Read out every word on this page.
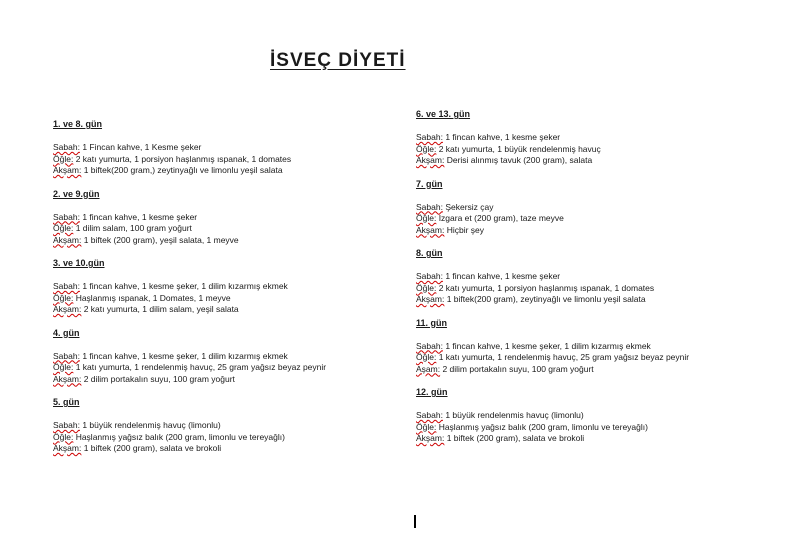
İSVEÇ DİYETİ
1. ve 8. gün
Sabah: 1 Fincan kahve, 1 Kesme şeker
Öğle: 2 katı yumurta, 1 porsiyon haşlanmış ıspanak, 1 domates
Akşam: 1 biftek(200 gram,) zeytinyağlı ve limonlu yeşil salata
2. ve 9.gün
Sabah: 1 fincan kahve, 1 kesme şeker
Öğle: 1 dilim salam, 100 gram yoğurt
Akşam: 1 biftek (200 gram), yeşil salata, 1 meyve
3. ve 10.gün
Sabah: 1 fincan kahve, 1 kesme şeker, 1 dilim kızarmış ekmek
Öğle: Haşlanmış ıspanak, 1 Domates, 1 meyve
Akşam: 2 katı yumurta, 1 dilim salam, yeşil salata
4. gün
Sabah: 1 fincan kahve, 1 kesme şeker, 1 dilim kızarmış ekmek
Öğle: 1 katı yumurta, 1 rendelenmiş havuç, 25 gram yağsız beyaz peynir
Akşam: 2 dilim portakalın suyu, 100 gram yoğurt
5. gün
Sabah: 1 büyük rendelenmiş havuç (limonlu)
Öğle: Haşlanmış yağsız balık (200 gram, limonlu ve tereyağlı)
Akşam: 1 biftek (200 gram), salata ve brokoli
6. ve 13. gün
Sabah: 1 fincan kahve, 1 kesme şeker
Öğle: 2 katı yumurta, 1 büyük rendelenmiş havuç
Akşam: Derisi alınmış tavuk (200 gram), salata
7. gün
Sabah: Şekersiz çay
Öğle: Izgara et (200 gram), taze meyve
Akşam: Hiçbir şey
8. gün
Sabah: 1 fincan kahve, 1 kesme şeker
Öğle: 2 katı yumurta, 1 porsiyon haşlanmış ıspanak, 1 domates
Akşam: 1 biftek(200 gram), zeytinyağlı ve limonlu yeşil salata
11. gün
Sabah: 1 fincan kahve, 1 kesme şeker, 1 dilim kızarmış ekmek
Öğle: 1 katı yumurta, 1 rendelenmiş havuç, 25 gram yağsız beyaz peynir
Aşam: 2 dilim portakalın suyu, 100 gram yoğurt
12. gün
Sabah: 1 büyük rendelenmis havuç (limonlu)
Öğle: Haşlanmış yağsız balık (200 gram, limonlu ve tereyağlı)
Akşam: 1 biftek (200 gram), salata ve brokoli
